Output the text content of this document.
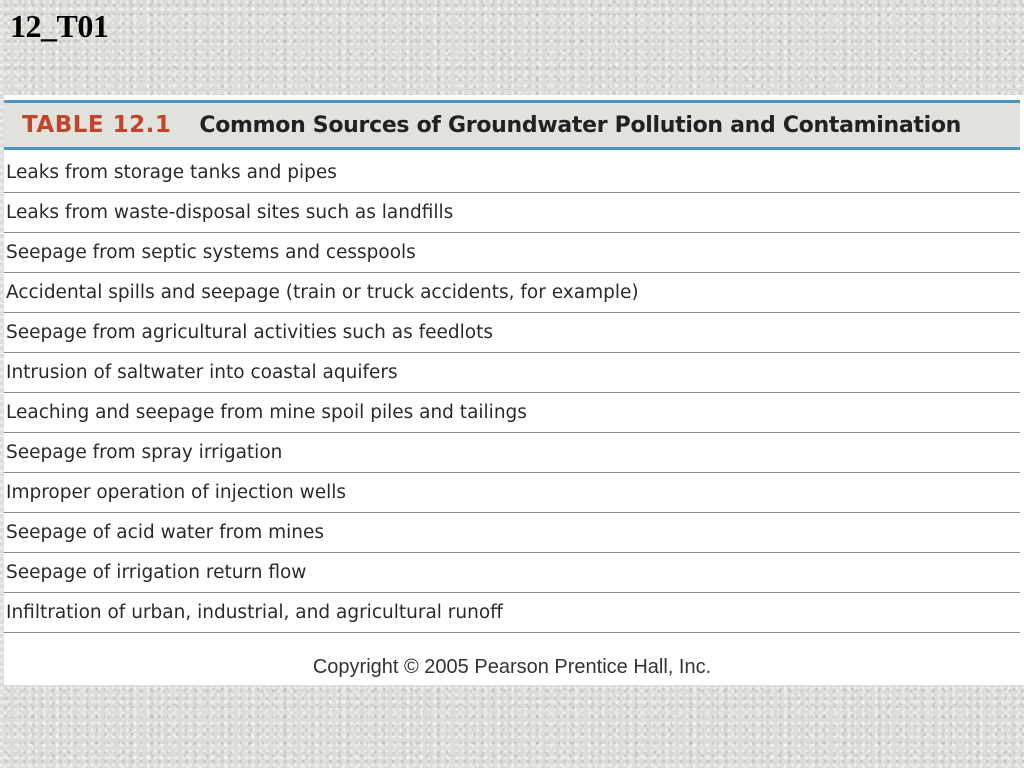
12_T01
TABLE 12.1 Common Sources of Groundwater Pollution and Contamination
Leaks from storage tanks and pipes
Leaks from waste-disposal sites such as landfills
Seepage from septic systems and cesspools
Accidental spills and seepage (train or truck accidents, for example)
Seepage from agricultural activities such as feedlots
Intrusion of saltwater into coastal aquifers
Leaching and seepage from mine spoil piles and tailings
Seepage from spray irrigation
Improper operation of injection wells
Seepage of acid water from mines
Seepage of irrigation return flow
Infiltration of urban, industrial, and agricultural runoff
Copyright © 2005 Pearson Prentice Hall, Inc.
